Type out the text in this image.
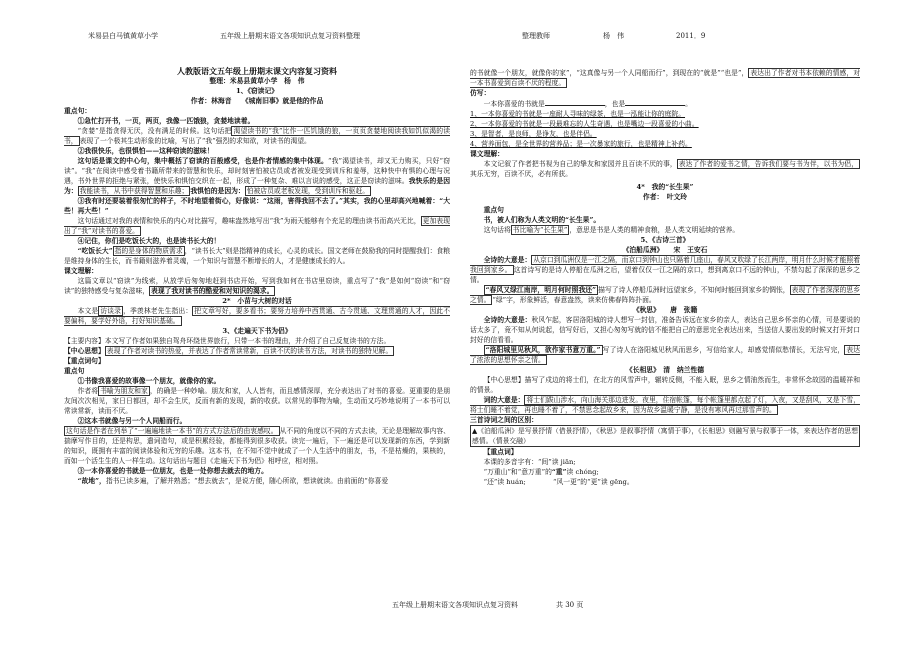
米易县白马镇黄草小学	五年级上册期末语文各项知识点复习资料整理	整理教师	杨　伟	2011．9

人教版语文五年级上册期末课文内容复习资料

整理：米易县黄草小学　杨　伟

1、《窃读记》

作者：林海音　　《城南旧事》就是他的作品

重点句：

①急忙打开书，一页，两页，我像一匹饿狼，贪婪地读着。

“贪婪”是指贪得无厌，没有满足的时候。这句话把 渴望读书的“我”比作一匹饥饿的狼，一页页贪婪地阅读我如饥似渴的读书， 表现了一个极其生动形象的比喻，写出了“我”强烈的求知欲，对读书的渴望。

②我很快乐，也很惧怕——这种窃读的滋味！

这句话是课文的中心句，集中概括了窃读的百般感受，也是作者情感的集中体现。“我”渴望读书，却又无力购买，只好“窃读”。“我”在阅读中感受着书籍所带来的智慧和快乐，却时刻害怕被店员或者被发现受到训斥和羞辱，这种快中有惧的心理与况遇，书外世界的拒绝与紧张，使快乐和惧怕交织在一起，形成了一种复杂、难以言说的感受，这正是窃读的滋味。我快乐的是因为： 我能读书，从书中获得智慧和乐趣； 我惧怕的是因为： 怕被店员或老板发现，受到训斥和驱赶。

③我有时还要装着很匆忙的样子，不时地望着街心，好像说：“这雨，害得我回不去了。”其实，我的心里却高兴地喊着：“大些！再大些！”

这句话通过对我的表情和快乐的内心对比描写，趣味盎然地写出“我”为雨天能够有个充足的理由读书而高兴无比， 更加表现出了“我”对读书的喜爱。

④记住，你们是吃饭长大的，也是读书长大的！

“吃饭长大” 指的是身体的物质需求 ，“读书长大”则是指精神的成长，心灵的成长。国文老师在鼓励我的同时提醒我们：食粮是维持身体的生长，而书籍则滋养着灵魂，一个知识与智慧不断增长的人，才是健康成长的人。

课文理解：

这篇文章以“窃读”为线索，从放学后匆匆地赶到书店开始，写到我如何在书店里窃读，重点写了“我”是如何“窃读”和“窃读”的独特感受与复杂滋味， 表现了我对读书的酷爱和对知识的渴求。

2*　小苗与大树的对话

本文是 访谈录 ，季羡林老先生指出： 把文章写好，要多看书；要努力培养中西贯通、古今贯通、文理贯通的人才，因此不要偏科，要学好外语，打好知识基础。

3、《走遍天下书为侣》

【主要内容】本文写了作者如果独自驾舟环绕世界旅行，只带一本书的理由，并介绍了自己反复读书的方法。

【中心思想】 表现了作者对读书的热爱，并表达了作者常读常新，百读不厌的读书方法，对读书的独特见解。

【重点词句】

重点句

①书像我喜爱的故事像一个朋友，就像你的家。

作者将 书喻为朋友和家 ，的确是一种妙喻。朋友和家，人人皆有，而且感情深厚，充分表达出了对书的喜爱。更重要的是朋友间次次相见，家日日都回，却不会生厌，反而有新的发现，新的收获。以常见的事物为喻，生动而又巧妙地说明了一本书可以常读常新，读而不厌。

②这本书就像与另一个人同船而行。

这句话是作者在列举了“一遍遍地读一本书”的方式方法后的由衷感叹。 从不同的角度以不同的方式去读，无论是理解故事内容、揣摩写作目的，还是构思，遣词造句，或是积累经验，都能得到很多收获。读完一遍后，下一遍还是可以发现新的东西，学到新的知识，既拥有丰富的阅读体验和无穷的乐趣。这本书，在不知不觉中就成了一个人生活中的朋友，书，不是枯燥的，果核的，而如一个活生生的人一样生动。这句话出与题目《走遍天下书为侣》相呼应，相对照。

③一本你喜爱的书就是一位朋友，也是一处你想去就去的地方。

“故地”，指书已读多遍，了解并熟悉；“想去就去”，是说方便，随心所欲，想读就读。由前面的“你喜爱

的书就像一个朋友，就像你的家”，“这真像与另一个人同船而行”，到现在的“就是”“也是”， 表达出了作者对书本依赖的情感，对一本书喜爱到百读不厌的程度。

仿写：

一本你喜爱的书就是	，也是	。

1、一本你喜爱的书就是一座耐人寻味的绿茶，也是一泓能让你的庭院。

2、一本你喜爱的书就是一段最难忘的人生奇遇，也是嘴边一段喜爱的小曲。

3、是智者，是良师，是诤友，也是伴侣。

4、营养面包，是全世界的营养品；是一次暴家的旅行，也是精神上补药。

课文理解：

本文记叙了作者把书视为自己的挚友和家园并且百读不厌的事， 表达了作者的爱书之情，告诉我们要与书为伴，以书为侣，其乐无穷，百读不厌，必有所获。

4*　我的“长生果”

作者：　叶文玲

重点句

书，被人们称为人类文明的“长生果”。

这句话将 书比喻为“长生果” ，意思是书是人类的精神食粮，是人类文明延续的营养。

5、《古诗三首》

《泊船瓜洲》　　宋　王安石

全诗的大意是： 从京口到瓜洲仅是一江之隔，而京口到钟山也只隔着几座山，春风又吹绿了长江两岸，明月什么时候才能照着我回到家乡。 这首诗写的是诗人停船在瓜洲之后，望着仅仅一江之隔的京口，想到离京口不远的钟山，不禁勾起了深深的思乡之情。

“春风又绿江南岸，明月何时照我还” 描写了诗人停船瓜洲时远望家乡，不知何时能回到家乡的惆怅， 表现了作者深深的思乡之情。 “绿”字，形象鲜活，春意盎然，读来仿佛春阵阵扑面。

《秋思》　　唐　张籍

全诗的大意是：秋风乍起，客居洛阳城的诗人想写一封信，准备告诉远在家乡的亲人，表达自己思乡怀亲的心情，可是要说的话太多了，竟不知从何说起，信写好后，又担心匆匆写就的信不能把自己的意思完全表达出来，当送信人要出发的时候又打开封口封好的信看看。

“洛阳城里见秋风，欲作家书意万重。” 写了诗人在洛阳城见秋风而思乡，写信给家人，却感觉情似愁情长，无法写完， 表达了浓浓的思想怀亲之情。

《长相思》　清　纳兰性德

【中心思想】描写了戍边的将士们，在北方的风雪声中，辗转反侧，不能入眠，思乡之情油然而生，非常怀念故园的温暖祥和的情景。

词的大意是： 将士们跋山涉水，向山海关那边进发。夜里，住宿帐篷，每个帐篷里都点起了灯，入夜，又是刮风，又是下雪，将士们睡不着觉，再也睡不着了，不禁思念起故乡来，因为故乡温暖宁静，是没有寒风再过那雪声的。

三首诗词之间的区别：

▲《泊船瓜洲》是写景抒情（借景抒情），《秋思》是叙事抒情（寓情于事），《长相思》则融写景与叙事于一体，来表达作者的思想感情。（情景交融）

【重点词】

本课的多音字有：“间”读 jiān;

“万重山”和“意万重”的“重”读 chóng;

“还”读 huán;　　　　	“风一更”的“更”读 gēng。

五年级上册期末语文各项知识点复习资料	共 30 页
